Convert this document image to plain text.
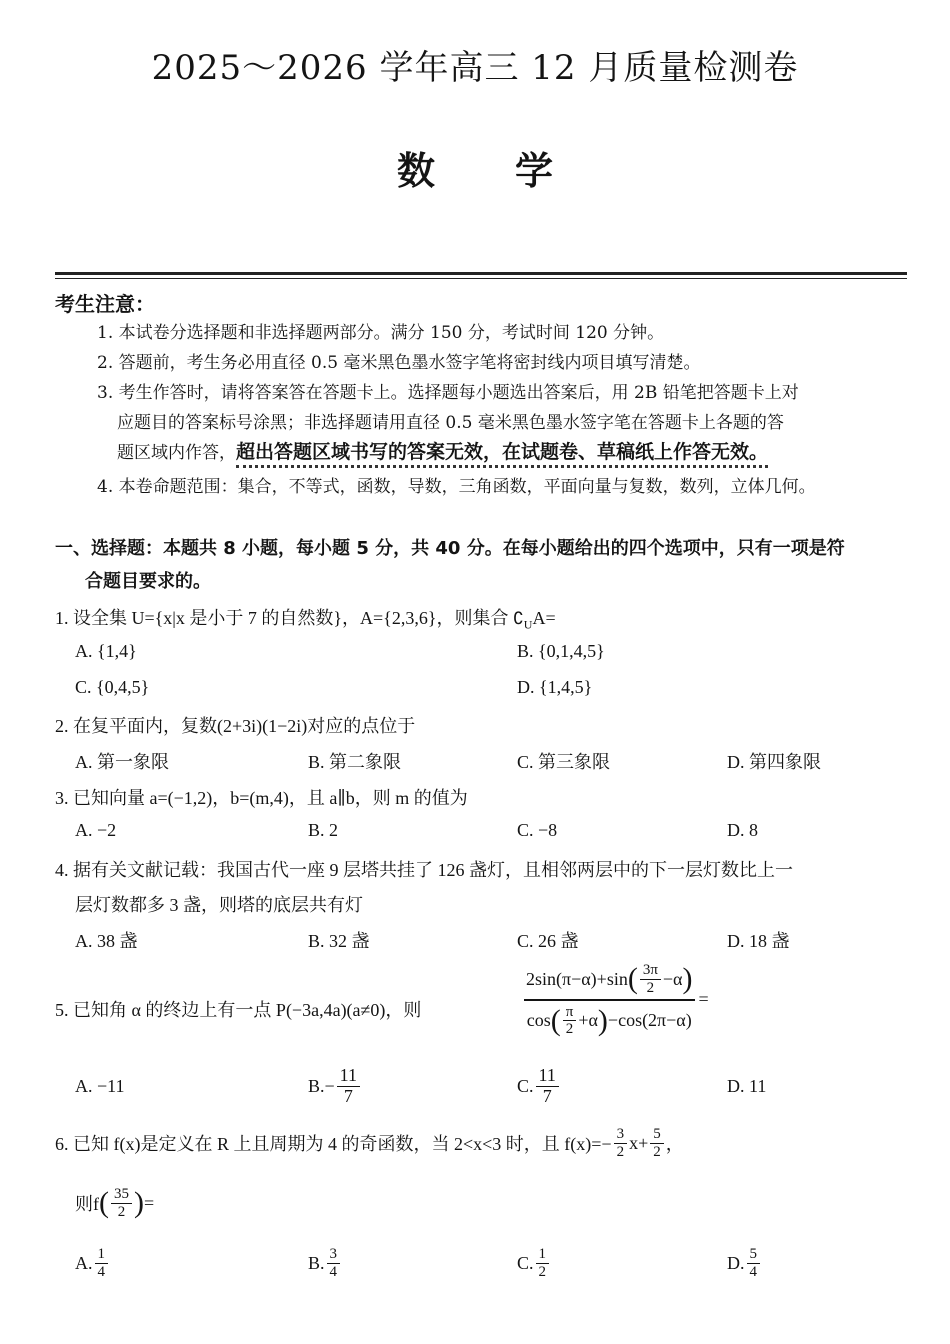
2025～2026 学年高三 12 月质量检测卷
数学
考生注意：
1. 本试卷分选择题和非选择题两部分。满分 150 分，考试时间 120 分钟。
2. 答题前，考生务必用直径 0.5 毫米黑色墨水签字笔将密封线内项目填写清楚。
3. 考生作答时，请将答案答在答题卡上。选择题每小题选出答案后，用 2B 铅笔把答题卡上对
应题目的答案标号涂黑；非选择题请用直径 0.5 毫米黑色墨水签字笔在答题卡上各题的答
题区域内作答，超出答题区域书写的答案无效，在试题卷、草稿纸上作答无效。
4. 本卷命题范围：集合，不等式，函数，导数，三角函数，平面向量与复数，数列，立体几何。
一、选择题：本题共 8 小题，每小题 5 分，共 40 分。在每小题给出的四个选项中，只有一项是符
合题目要求的。
1. 设全集 U={x|x 是小于 7 的自然数}，A={2,3,6}，则集合 $∁_UA=$
A. {1,4}	B. {0,1,4,5}
C. {0,4,5}	D. {1,4,5}
2. 在复平面内，复数(2+3i)(1−2i)对应的点位于
A. 第一象限	B. 第二象限	C. 第三象限	D. 第四象限
3. 已知向量 a=(−1,2)，b=(m,4)，且 a∥b，则 m 的值为
A. −2	B. 2	C. −8	D. 8
4. 据有关文献记载：我国古代一座 9 层塔共挂了 126 盏灯，且相邻两层中的下一层灯数比上一
层灯数都多 3 盏，则塔的底层共有灯
A. 38 盏	B. 32 盏	C. 26 盏	D. 18 盏
5. 已知角 α 的终边上有一点 P(−3a,4a)(a≠0)，则
2sin(π−α)+sin ( $\frac{3\pi}{2} -\alpha$ )
cos ( $\frac{\pi}{2} +\alpha$ ) −cos(2π−α)
=
A. −11	B. − $\frac{11}{7}$	C. $\frac{11}{7}$	D. 11
6. 已知 f(x)是定义在 R 上且周期为 4 的奇函数，当 2<x<3 时，且 $f(x)=- \frac{3}{2} x+ \frac{5}{2}$ ，
则f ( $\frac{35}{2}$ ) =
A. $\frac{1}{4}$	B. $\frac{3}{4}$	C. $\frac{1}{2}$	D. $\frac{5}{4}$
